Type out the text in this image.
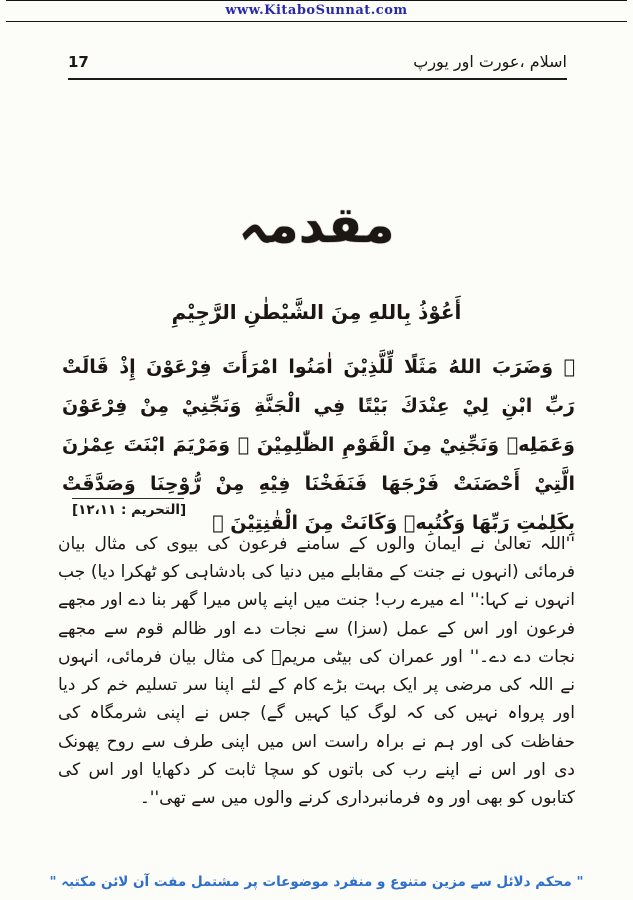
www.KitaboSunnat.com
17	اسلام ،عورت اور یورپ
مقدمہ
أَعُوْذُ بِاللهِ مِنَ الشَّيْطٰنِ الرَّجِيْمِ
﴿ وَضَرَبَ اللهُ مَثَلًا لِّلَّذِيْنَ اٰمَنُوا امْرَأَتَ فِرْعَوْنَ إِذْ قَالَتْ رَبِّ ابْنِ لِيْ عِنْدَكَ بَيْتًا فِي الْجَنَّةِ وَنَجِّنِيْ مِنْ فِرْعَوْنَ وَعَمَلِهٖ وَنَجِّنِيْ مِنَ الْقَوْمِ الظّٰلِمِيْنَ ۞ وَمَرْيَمَ ابْنَتَ عِمْرٰنَ الَّتِيْ أَحْصَنَتْ فَرْجَهَا فَنَفَخْنَا فِيْهِ مِنْ رُّوْحِنَا وَصَدَّقَتْ بِكَلِمٰتِ رَبِّهَا وَكُتُبِهٖ وَكَانَتْ مِنَ الْقٰنِتِيْنَ ﴾
[التحریم : ۱۲،۱۱]
''اللہ تعالیٰ نے ایمان والوں کے سامنے فرعون کی بیوی کی مثال بیان فرمائی (انہوں نے جنت کے مقابلے میں دنیا کی بادشاہی کو ٹھکرا دیا) جب انہوں نے کہا:'' اے میرے رب! جنت میں اپنے پاس میرا گھر بنا دے اور مجھے فرعون اور اس کے عمل (سزا) سے نجات دے اور ظالم قوم سے مجھے نجات دے دے۔'' اور عمران کی بیٹی مریمؑ کی مثال بیان فرمائی، انہوں نے اللہ کی مرضی پر ایک بہت بڑے کام کے لئے اپنا سر تسلیم خم کر دیا اور پرواہ نہیں کی کہ لوگ کیا کہیں گے) جس نے اپنی شرمگاہ کی حفاظت کی اور ہم نے براہ راست اس میں اپنی طرف سے روح پھونک دی اور اس نے اپنے رب کی باتوں کو سچا ثابت کر دکھایا اور اس کی کتابوں کو بھی اور وہ فرمانبرداری کرنے والوں میں سے تھی''۔
" محکم دلائل سے مزین متنوع و منفرد موضوعات پر مشتمل مفت آن لائن مکتبہ "
